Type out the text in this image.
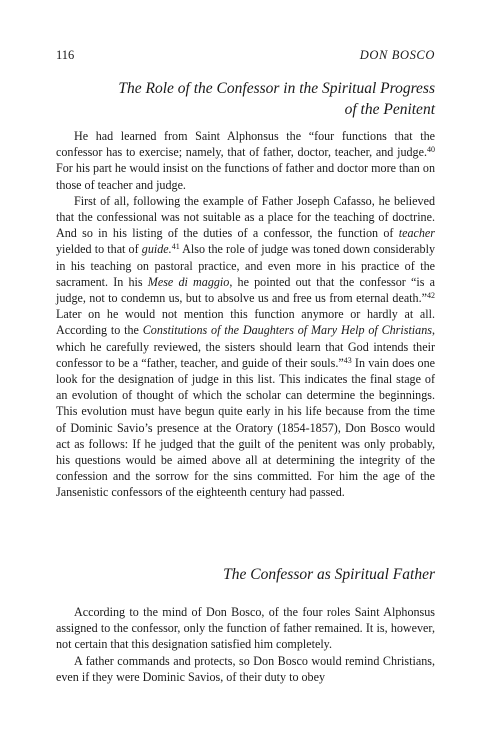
116	DON BOSCO
The Role of the Confessor in the Spiritual Progress
of the Penitent

He had learned from Saint Alphonsus the “four functions that the confessor has to exercise; namely, that of father, doctor, teacher, and judge.$^{40}$ For his part he would insist on the functions of father and doctor more than on those of teacher and judge.

First of all, following the example of Father Joseph Cafasso, he believed that the confessional was not suitable as a place for the teaching of doctrine. And so in his listing of the duties of a confessor, the function of teacher yielded to that of guide.$^{41}$ Also the role of judge was toned down considerably in his teaching on pastoral practice, and even more in his practice of the sacrament. In his Mese di maggio, he pointed out that the confessor “is a judge, not to condemn us, but to absolve us and free us from eternal death.”$^{42}$ Later on he would not mention this function anymore or hardly at all. According to the Constitutions of the Daughters of Mary Help of Christians, which he carefully reviewed, the sisters should learn that God intends their confessor to be a “father, teacher, and guide of their souls.”$^{43}$ In vain does one look for the designation of judge in this list. This indicates the final stage of an evolution of thought of which the scholar can determine the beginnings. This evolution must have begun quite early in his life because from the time of Dominic Savio’s presence at the Oratory (1854-1857), Don Bosco would act as follows: If he judged that the guilt of the penitent was only probably, his questions would be aimed above all at determining the integrity of the confession and the sorrow for the sins committed. For him the age of the Jansenistic confessors of the eighteenth century had passed.

The Confessor as Spiritual Father

According to the mind of Don Bosco, of the four roles Saint Alphonsus assigned to the confessor, only the function of father remained. It is, however, not certain that this designation satisfied him completely.

A father commands and protects, so Don Bosco would remind Christians, even if they were Dominic Savios, of their duty to obey
